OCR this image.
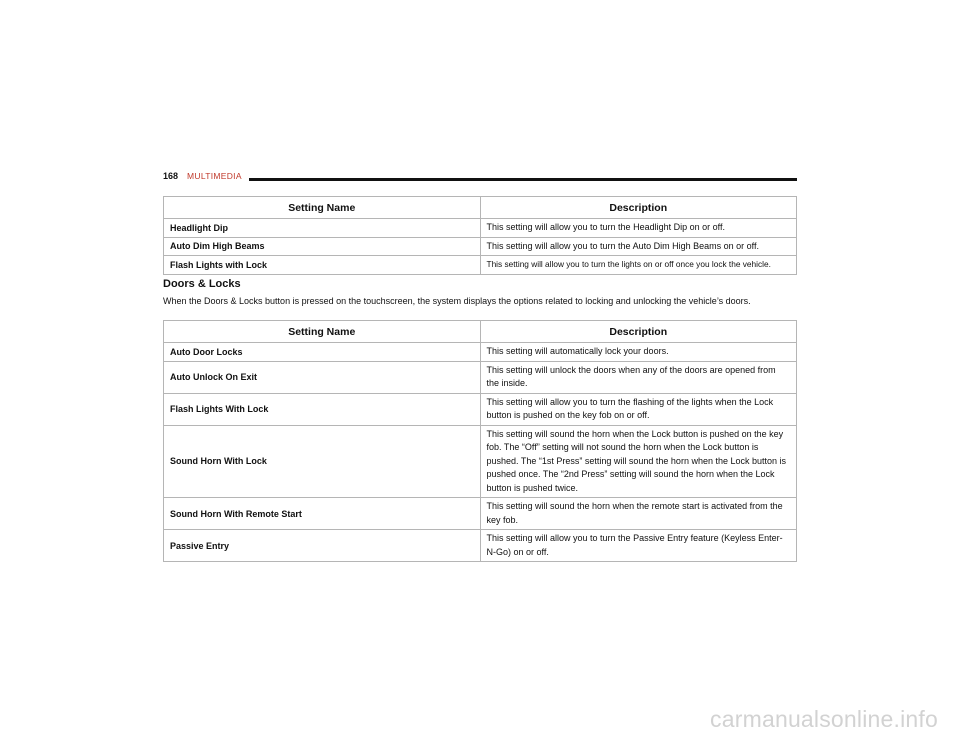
168 MULTIMEDIA
Setting Name	Description
Headlight Dip	This setting will allow you to turn the Headlight Dip on or off.
Auto Dim High Beams	This setting will allow you to turn the Auto Dim High Beams on or off.
Flash Lights with Lock	This setting will allow you to turn the lights on or off once you lock the vehicle.
Doors & Locks
When the Doors & Locks button is pressed on the touchscreen, the system displays the options related to locking and unlocking the vehicle’s doors.
Setting Name	Description
Auto Door Locks	This setting will automatically lock your doors.
Auto Unlock On Exit	This setting will unlock the doors when any of the doors are opened from the inside.
Flash Lights With Lock	This setting will allow you to turn the flashing of the lights when the Lock button is pushed on the key fob on or off.
Sound Horn With Lock	This setting will sound the horn when the Lock button is pushed on the key fob. The “Off” setting will not sound the horn when the Lock button is pushed. The “1st Press” setting will sound the horn when the Lock button is pushed once. The “2nd Press” setting will sound the horn when the Lock button is pushed twice.
Sound Horn With Remote Start	This setting will sound the horn when the remote start is activated from the key fob.
Passive Entry	This setting will allow you to turn the Passive Entry feature (Keyless Enter-N-Go) on or off.
carmanualsonline.info
